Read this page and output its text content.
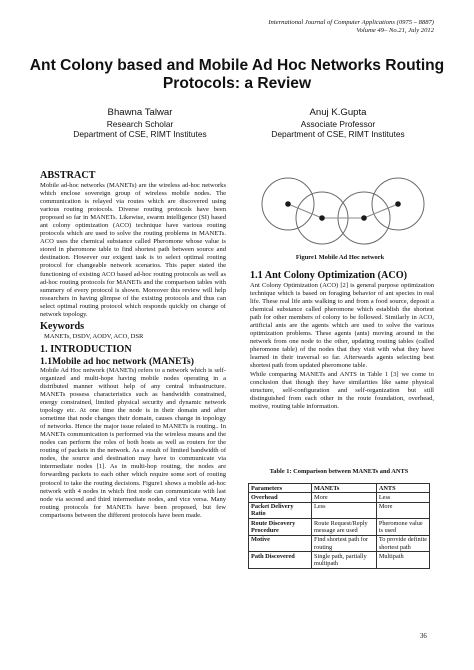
International Journal of Computer Applications (0975 – 8887)
Volume 49– No.21, July 2012
Ant Colony based and Mobile Ad Hoc Networks Routing Protocols: a Review
Bhawna Talwar
Research Scholar
Department of CSE, RIMT Institutes
Anuj K.Gupta
Associate Professor
Department of CSE, RIMT Institutes
ABSTRACT

Mobile ad-hoc networks (MANETs) are the wireless ad-hoc networks which enclose sovereign group of wireless mobile nodes. The communication is relayed via routes which are discovered using various routing protocols. Diverse routing protocols have been proposed so far in MANETs. Likewise, swarm intelligence (SI) based ant colony optimization (ACO) technique have various routing protocols which are used to solve the routing problems in MANETs. ACO uses the chemical substance called Pheromone whose value is stored in pheromone table to find shortest path between source and destination. However our exigent task is to select optimal routing protocol for changeable network scenarios. This paper stated the functioning of existing ACO based ad-hoc routing protocols as well as ad-hoc routing protocols for MANETs and the comparison tables with summery of every protocol is shown. Moreover this review will help researchers in having glimpse of the existing protocols and thus can select optimal routing protocol which responds quickly on change of network topology.

Keywords

MANETs, DSDV, AODV, ACO, DSR

1. INTRODUCTION
1.1Mobile ad hoc network (MANETs)

Mobile Ad Hoc network (MANETs) refers to a network which is self-organized and multi-hope having mobile nodes operating in a distributed manner without help of any central infrastructure. MANETs possess characteristics such as bandwidth constrained, energy constrained, limited physical security and dynamic network topology etc. At one time the node is in their domain and after sometime that node changes their domain, causes change in topology of networks. Hence the major issue related to MANETs is routing.. In MANETs communication is performed via the wireless means and the nodes can perform the roles of both hosts as well as routers for the routing of packets in the network. As a result of limited bandwidth of nodes, the source and destination may have to communicate via intermediate nodes [1]. As in multi-hop routing, the nodes are forwarding packets to each other which require some sort of routing protocol to take the routing decisions. Figure1 shows a mobile ad-hoc network with 4 nodes in which first node can communicate with last node via second and third intermediate nodes, and vice versa. Many routing protocols for MANETs have been proposed, but few comparisons between the different protocols have been made.

Figure1 Mobile Ad Hoc network
1.1 Ant Colony Optimization (ACO)

Ant Colony Optimization (ACO) [2] is general purpose optimization technique which is based on foraging behavior of ant species in real life. These real life ants walking to and from a food source, deposit a chemical substance called pheromone which establish the shortest path for other members of colony to be followed. Similarly in ACO, artificial ants are the agents which are used to solve the various optimization problems. These agents (ants) moving around in the network from one node to the other, updating routing tables (called pheromone table) of the nodes that they visit with what they have learned in their traversal so far. Afterwards agents selecting best shortest path from updated pheromone table.

While comparing MANETs and ANTS in Table 1 [3] we come to conclusion that though they have similarities like same physical structure, self-configuration and self-organization but still distinguished from each other in the route foundation, overhead, motive, routing table information.

Table 1: Comparison between MANETs and ANTS
Parameters	MANETs	ANTS
Overhead	More	Less
Packet Delivery Ratio	Less	More
Route Discovery Procedure	Route Request/Reply message are used	Pheromone value is used
Motive	Find shortest path for routing	To provide definite shortest path
Path Discovered	Single path, partially multipath	Multipath
36
